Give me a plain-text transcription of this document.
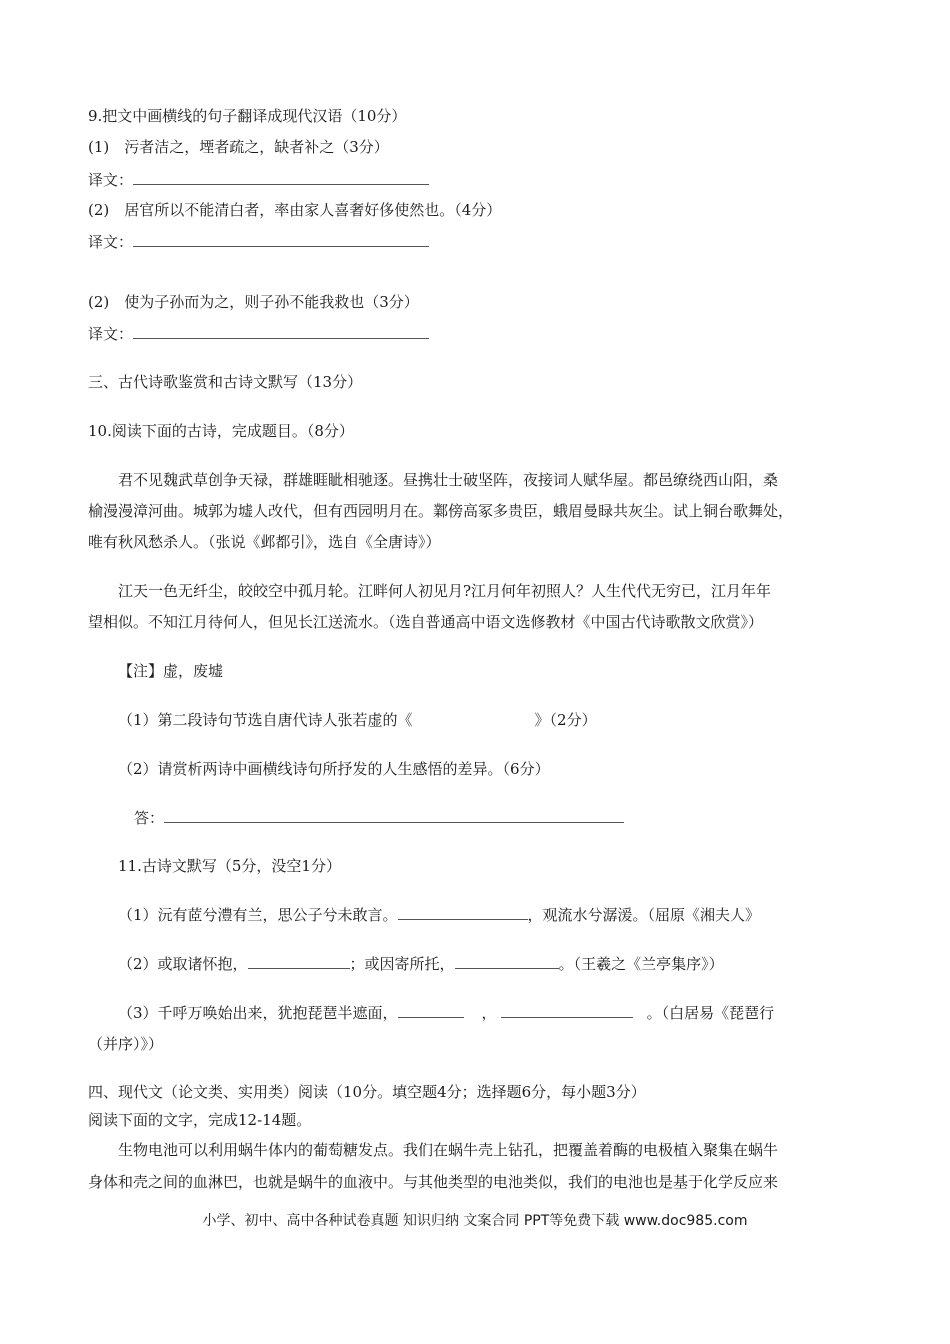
9.把文中画横线的句子翻译成现代汉语（10分）
(1)　污者洁之，堙者疏之，缺者补之（3分）
译文：
(2)　居官所以不能清白者，率由家人喜奢好侈使然也。（4分）
译文：
(2)　使为子孙而为之，则子孙不能我救也（3分）
译文：
三、古代诗歌鉴赏和古诗文默写（13分）
10.阅读下面的古诗，完成题目。（8分）
君不见魏武草创争天禄，群雄睚眦相驰逐。昼携壮士破坚阵，夜接词人赋华屋。都邑缭绕西山阳，桑
榆漫漫漳河曲。城郭为墟人改代，但有西园明月在。鄴傍高冢多贵臣，蛾眉曼睩共灰尘。试上铜台歌舞处，
唯有秋风愁杀人。（张说《邺都引》，选自《全唐诗》）
江天一色无纤尘，皎皎空中孤月轮。江畔何人初见月?江月何年初照人？人生代代无穷已，江月年年
望相似。不知江月待何人，但见长江送流水。（选自普通高中语文选修教材《中国古代诗歌散文欣赏》）
【注】虚，废墟
（1）第二段诗句节选自唐代诗人张若虚的《	》（2分）
（2）请赏析两诗中画横线诗句所抒发的人生感悟的差异。（6分）
答：
11.古诗文默写（5分，没空1分）
（1）沅有茝兮澧有兰，思公子兮未敢言。	，观流水兮潺湲。（屈原《湘夫人》
（2）或取诸怀抱，	；或因寄所托，	。（王羲之《兰亭集序》）
（3）千呼万唤始出来，犹抱琵琶半遮面，	，	。（白居易《琵琶行
（并序）》）
四、现代文（论文类、实用类）阅读（10分。填空题4分；选择题6分，每小题3分）
阅读下面的文字，完成12-14题。
生物电池可以利用蜗牛体内的葡萄糖发点。我们在蜗牛壳上钻孔，把覆盖着酶的电极植入聚集在蜗牛
身体和壳之间的血淋巴，也就是蜗牛的血液中。与其他类型的电池类似，我们的电池也是基于化学反应来
小学、初中、高中各种试卷真题 知识归纳 文案合同 PPT等免费下载 www.doc985.com
